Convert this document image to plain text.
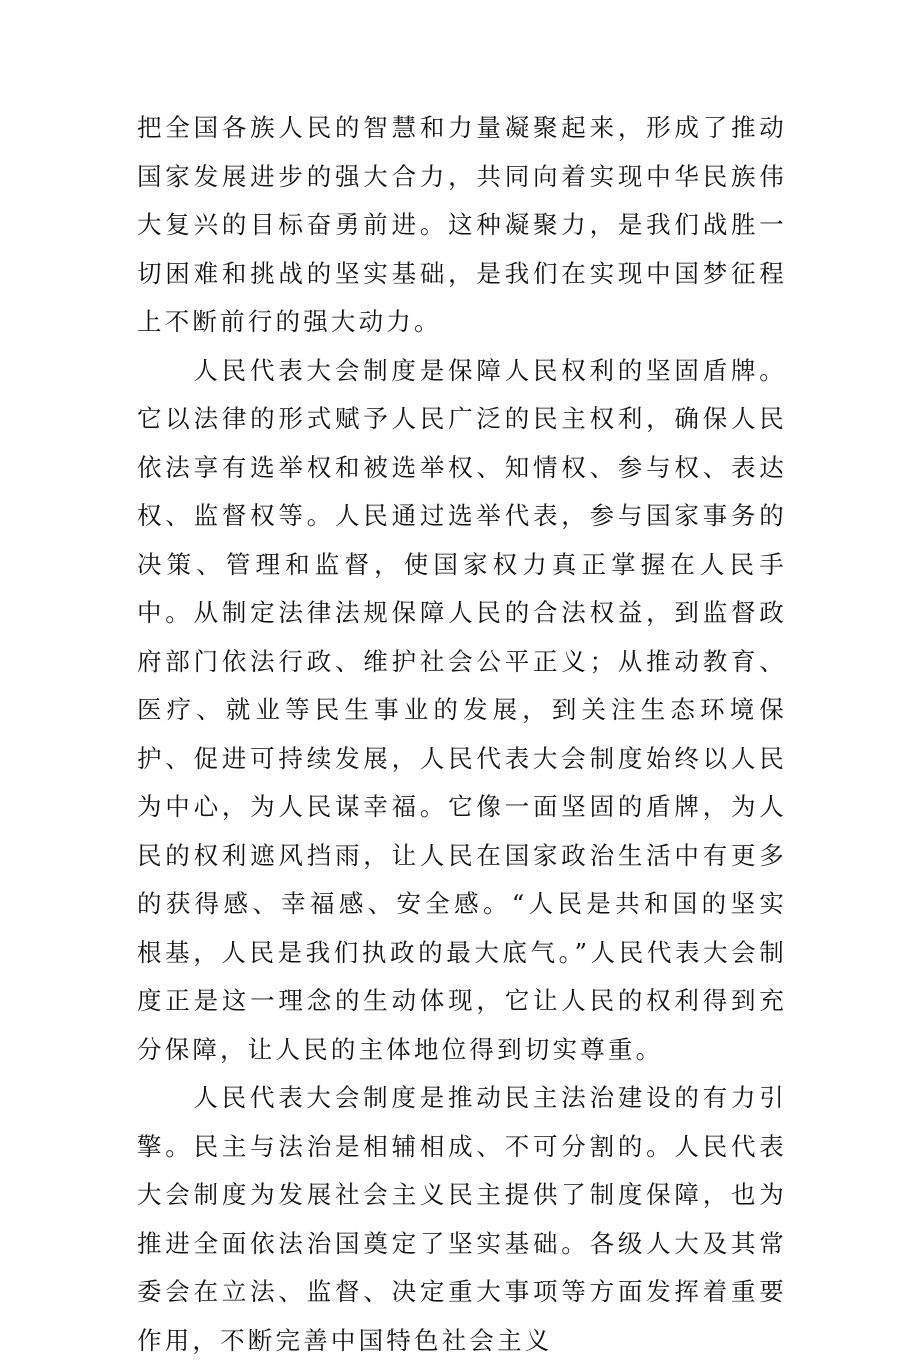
把全国各族人民的智慧和力量凝聚起来，形成了推动国家发展进步的强大合力，共同向着实现中华民族伟大复兴的目标奋勇前进。这种凝聚力，是我们战胜一切困难和挑战的坚实基础，是我们在实现中国梦征程上不断前行的强大动力。

人民代表大会制度是保障人民权利的坚固盾牌。它以法律的形式赋予人民广泛的民主权利，确保人民依法享有选举权和被选举权、知情权、参与权、表达权、监督权等。人民通过选举代表，参与国家事务的决策、管理和监督，使国家权力真正掌握在人民手中。从制定法律法规保障人民的合法权益，到监督政府部门依法行政、维护社会公平正义；从推动教育、医疗、就业等民生事业的发展，到关注生态环境保护、促进可持续发展，人民代表大会制度始终以人民为中心，为人民谋幸福。它像一面坚固的盾牌，为人民的权利遮风挡雨，让人民在国家政治生活中有更多的获得感、幸福感、安全感。“人民是共和国的坚实根基，人民是我们执政的最大底气。”人民代表大会制度正是这一理念的生动体现，它让人民的权利得到充分保障，让人民的主体地位得到切实尊重。

人民代表大会制度是推动民主法治建设的有力引擎。民主与法治是相辅相成、不可分割的。人民代表大会制度为发展社会主义民主提供了制度保障，也为推进全面依法治国奠定了坚实基础。各级人大及其常委会在立法、监督、决定重大事项等方面发挥着重要作用，不断完善中国特色社会主义
